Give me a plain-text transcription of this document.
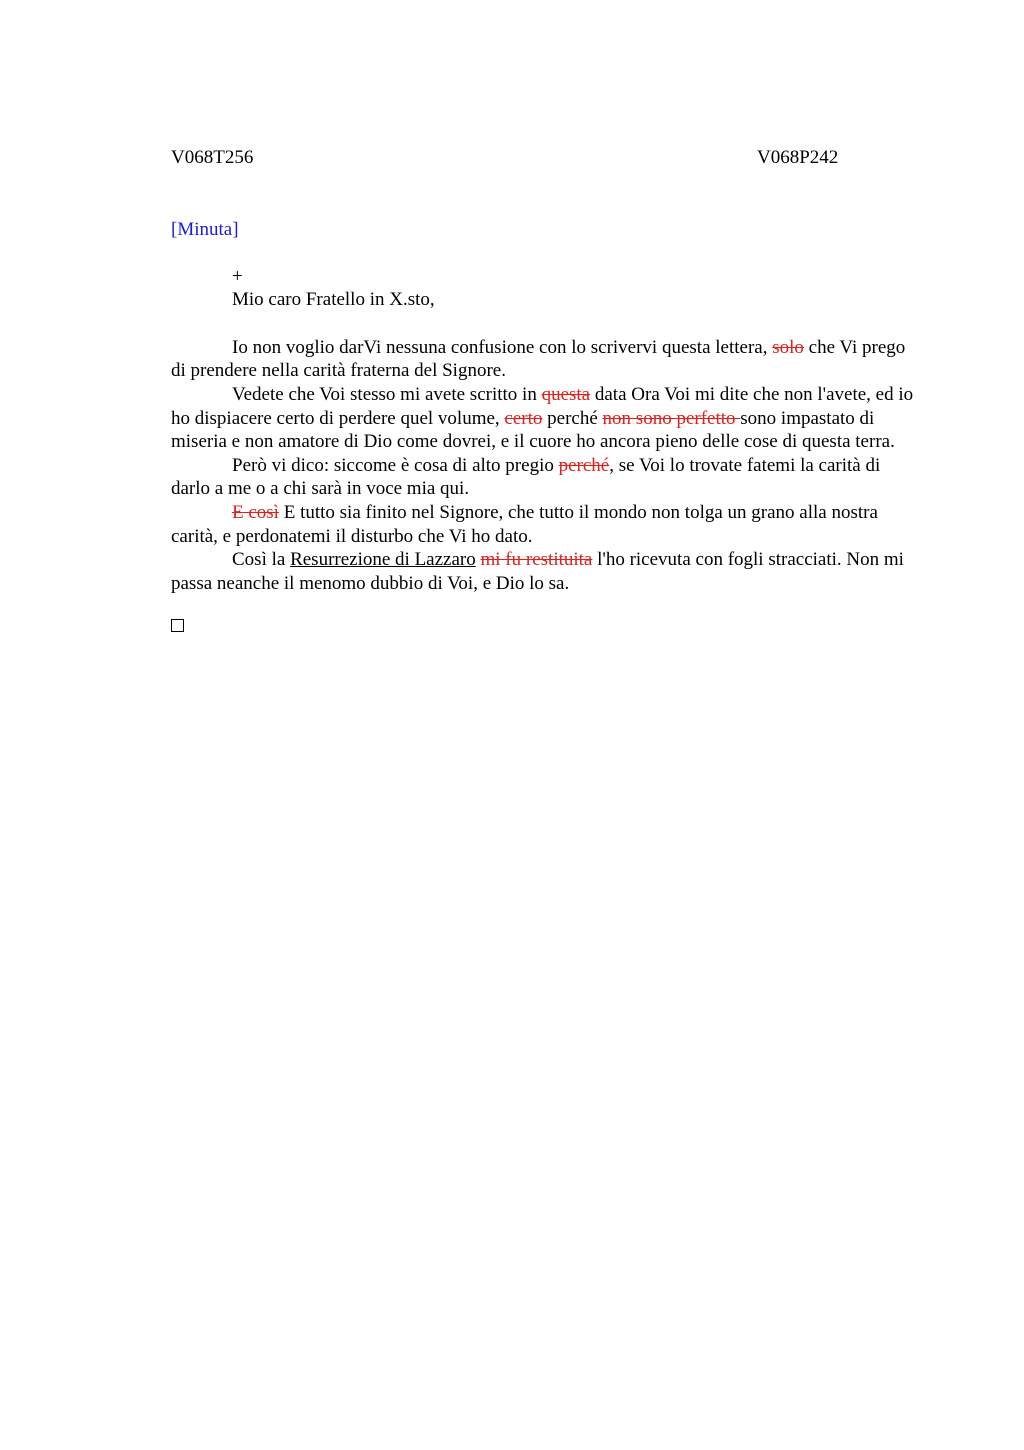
V068T256	V068P242
[Minuta]
+
Mio caro Fratello in X.sto,

Io non voglio darVi nessuna confusione con lo scrivervi questa lettera, solo che Vi prego di prendere nella carità fraterna del Signore.

Vedete che Voi stesso mi avete scritto in questa data Ora Voi mi dite che non l'avete, ed io ho dispiacere certo di perdere quel volume, certo perché non sono perfetto sono impastato di miseria e non amatore di Dio come dovrei, e il cuore ho ancora pieno delle cose di questa terra.

Però vi dico: siccome è cosa di alto pregio perché, se Voi lo trovate fatemi la carità di darlo a me o a chi sarà in voce mia qui.

E così E tutto sia finito nel Signore, che tutto il mondo non tolga un grano alla nostra carità, e perdonatemi il disturbo che Vi ho dato.

Così la Resurrezione di Lazzaro mi fu restituita l'ho ricevuta con fogli stracciati. Non mi passa neanche il menomo dubbio di Voi, e Dio lo sa.
